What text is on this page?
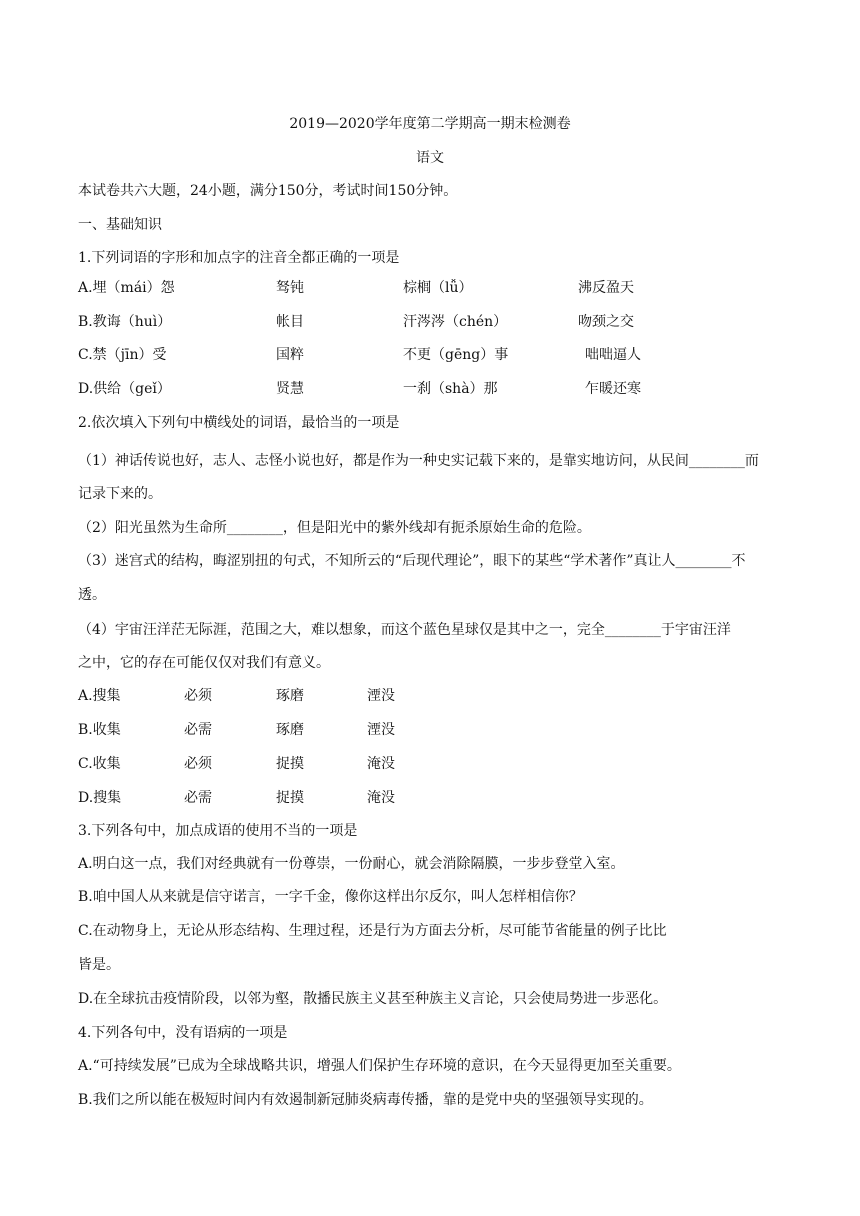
2019—2020学年度第二学期高一期末检测卷
语文
本试卷共六大题，24小题，满分150分，考试时间150分钟。
一、基础知识
1.下列词语的字形和加点字的注音全都正确的一项是
A.埋（mái）怨	驽钝	棕榈（lǚ）	沸反盈天
B.教诲（huì）	帐目	汗涔涔（chén）	吻颈之交
C.禁（jīn）受	国粹	不更（gēng）事	咄咄逼人
D.供给（geǐ）	贤慧	一刹（shà）那	乍暖还寒
2.依次填入下列句中横线处的词语，最恰当的一项是
（1）神话传说也好，志人、志怪小说也好，都是作为一种史实记载下来的，是靠实地访问，从民间________而
记录下来的。
（2）阳光虽然为生命所________，但是阳光中的紫外线却有扼杀原始生命的危险。
（3）迷宫式的结构，晦涩别扭的句式，不知所云的“后现代理论”，眼下的某些“学术著作”真让人________不
透。
（4）宇宙汪洋茫无际涯，范围之大，难以想象，而这个蓝色星球仅是其中之一，完全________于宇宙汪洋
之中，它的存在可能仅仅对我们有意义。
A.搜集	必须	琢磨	湮没
B.收集	必需	琢磨	湮没
C.收集	必须	捉摸	淹没
D.搜集	必需	捉摸	淹没
3.下列各句中，加点成语的使用不当的一项是
A.明白这一点，我们对经典就有一份尊崇，一份耐心，就会消除隔膜，一步步登堂入室。
B.咱中国人从来就是信守诺言，一字千金，像你这样出尔反尔，叫人怎样相信你？
C.在动物身上，无论从形态结构、生理过程，还是行为方面去分析，尽可能节省能量的例子比比
皆是。
D.在全球抗击疫情阶段，以邻为壑，散播民族主义甚至种族主义言论，只会使局势进一步恶化。
4.下列各句中，没有语病的一项是
A.“可持续发展”已成为全球战略共识，增强人们保护生存环境的意识，在今天显得更加至关重要。
B.我们之所以能在极短时间内有效遏制新冠肺炎病毒传播，靠的是党中央的坚强领导实现的。
